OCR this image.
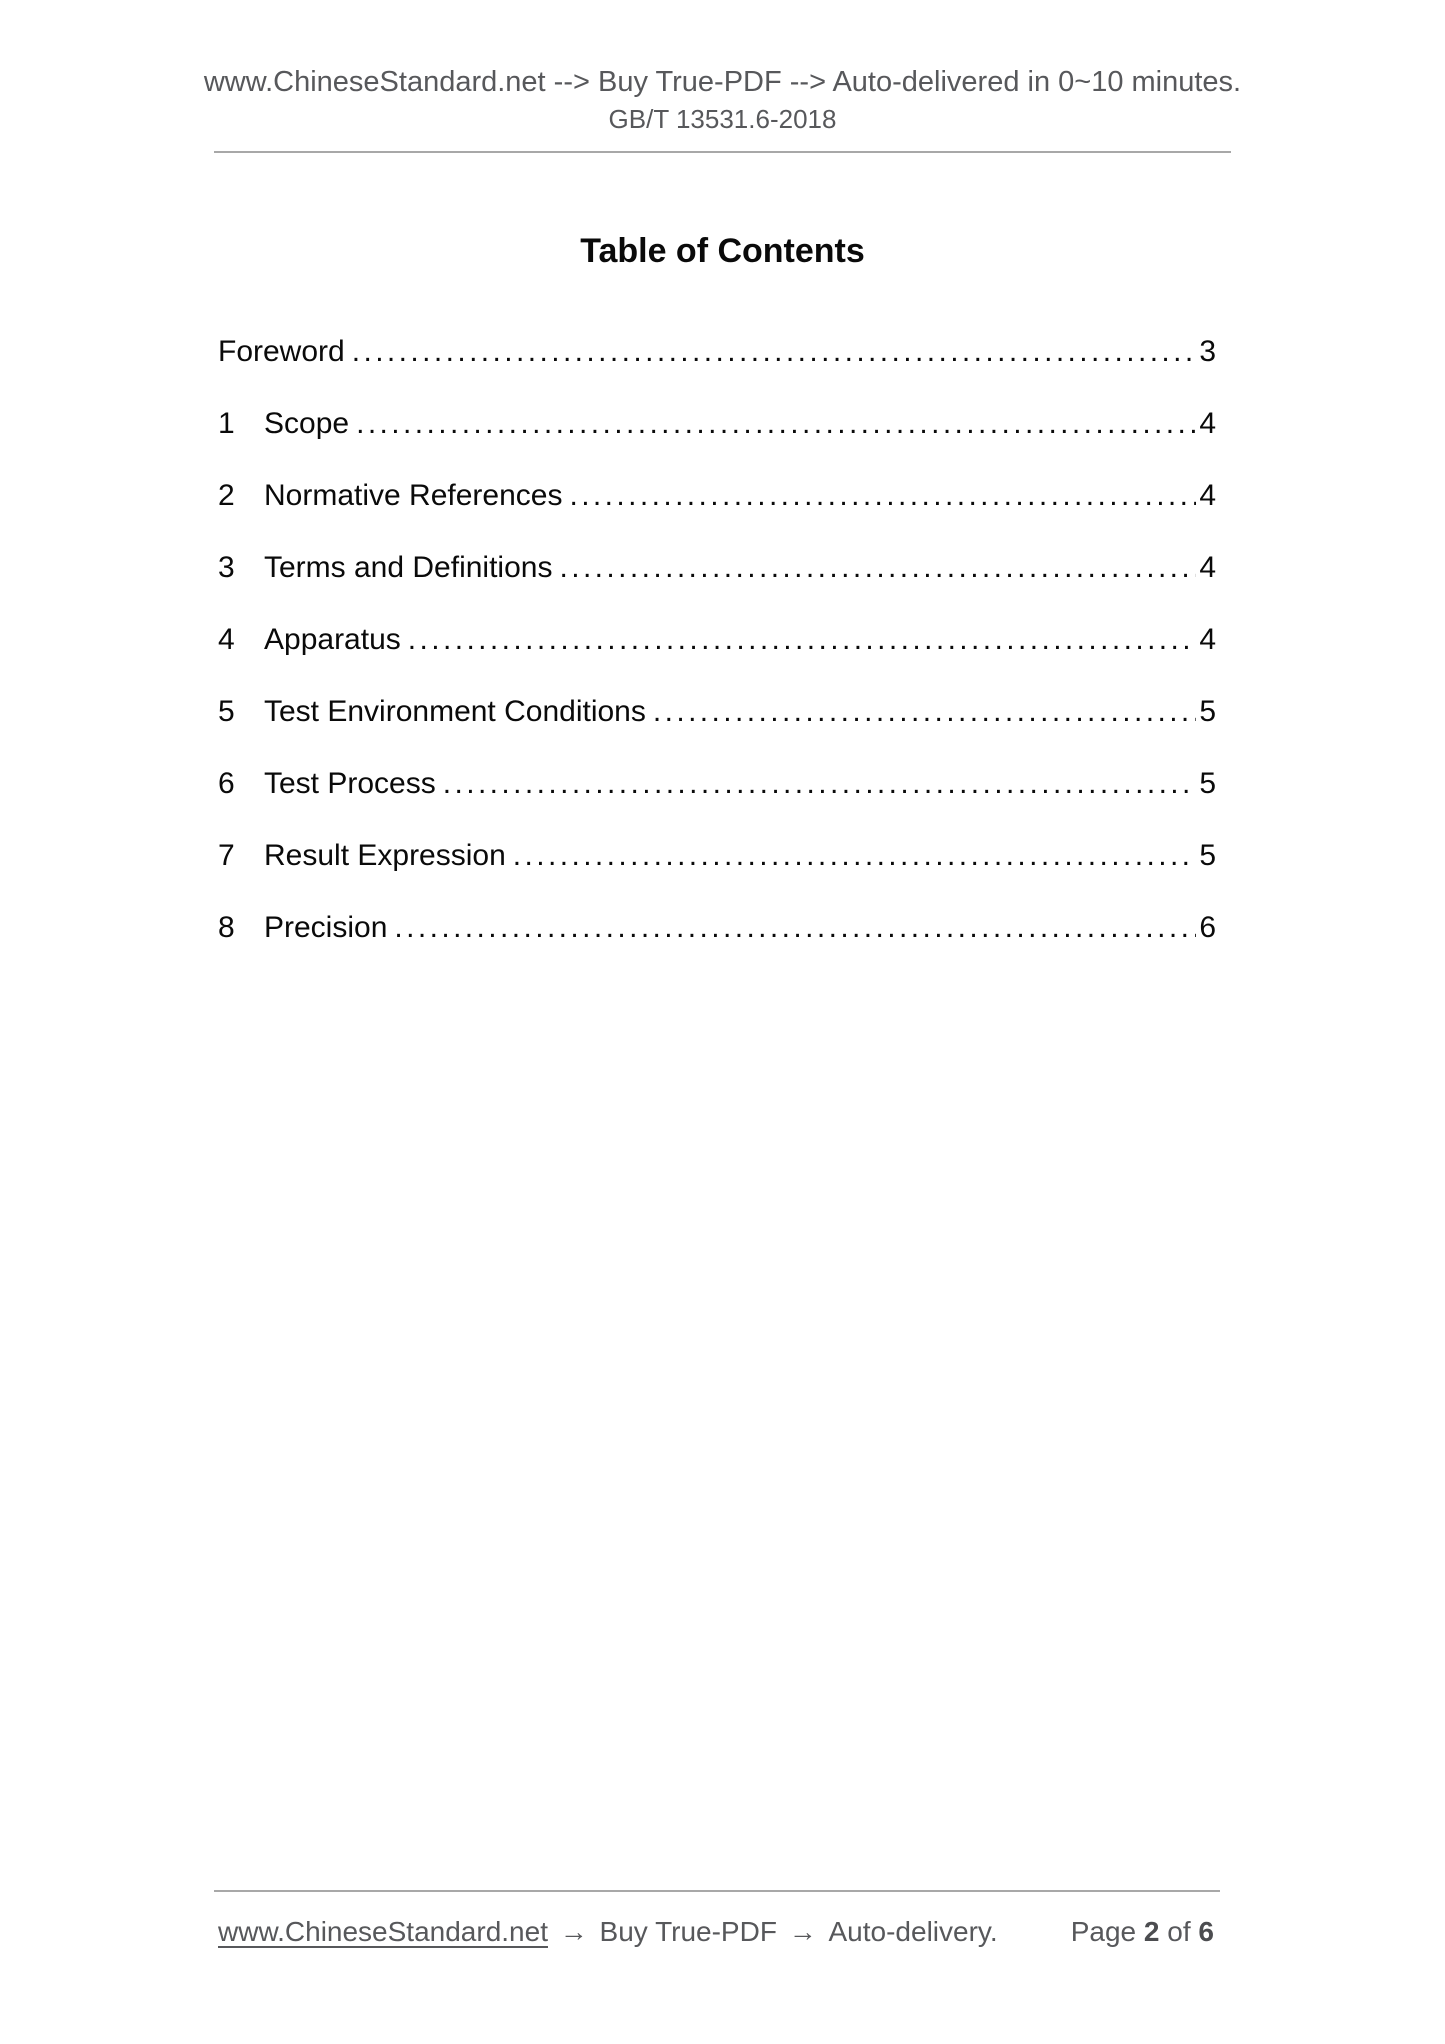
www.ChineseStandard.net --> Buy True-PDF --> Auto-delivered in 0~10 minutes.
GB/T 13531.6-2018
Table of Contents
Foreword .....	3
1 Scope .....	4
2 Normative References .....	4
3 Terms and Definitions .....	4
4 Apparatus .....	4
5 Test Environment Conditions .....	5
6 Test Process .....	5
7 Result Expression .....	5
8 Precision .....	6
www.ChineseStandard.net → Buy True-PDF → Auto-delivery.	Page 2 of 6
